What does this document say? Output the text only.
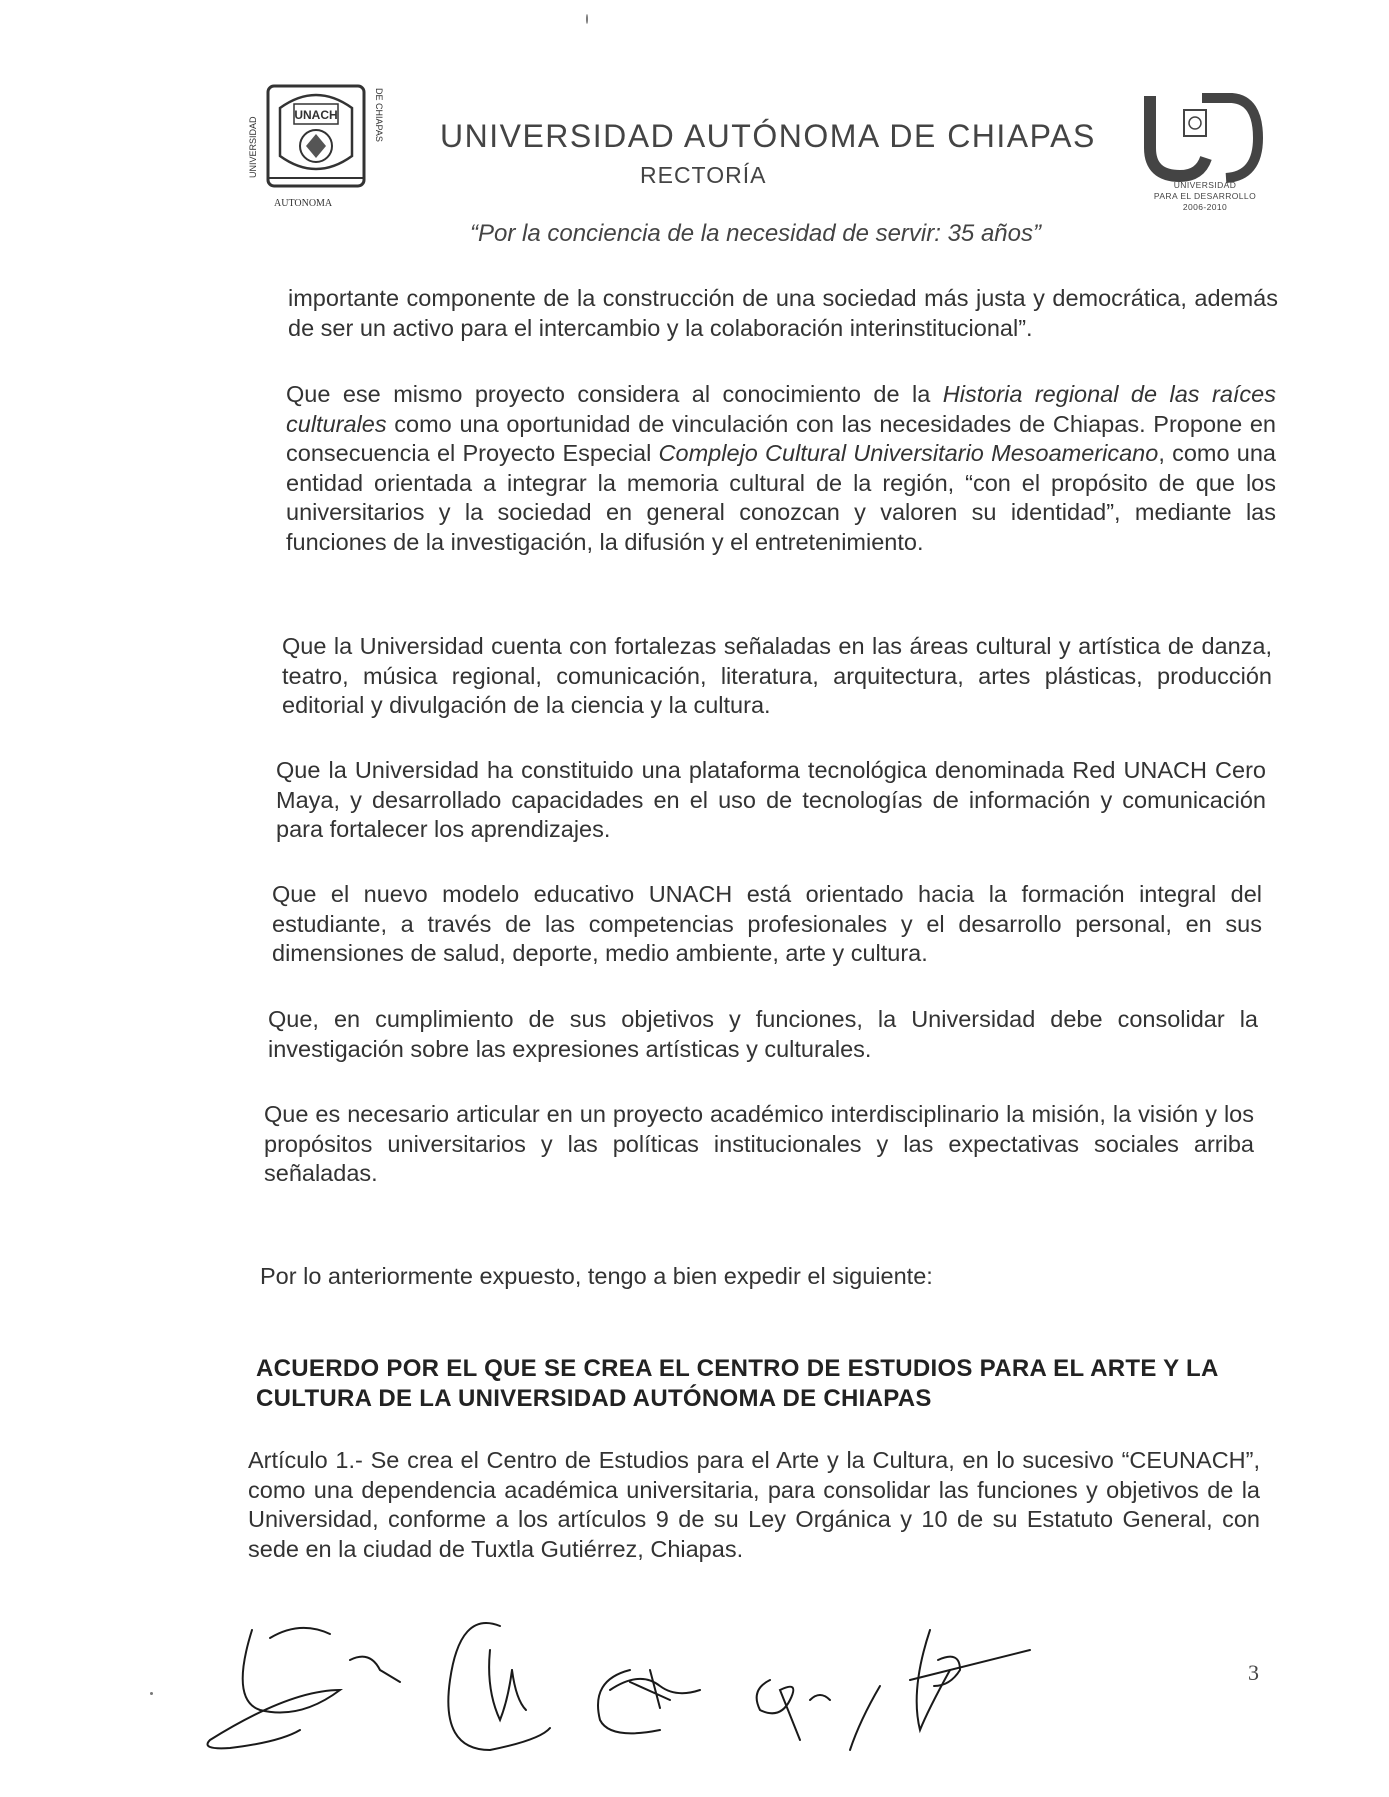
UNACH
UNIVERSIDAD
DE CHIAPAS
AUTONOMA
UNIVERSIDAD AUTÓNOMA DE CHIAPAS
RECTORÍA
“Por la conciencia de la necesidad de servir: 35 años”
UNIVERSIDAD
PARA EL DESARROLLO
2006-2010

importante componente de la construcción de una sociedad más justa y democrática, además de ser un activo para el intercambio y la colaboración interinstitucional”.

Que ese mismo proyecto considera al conocimiento de la Historia regional de las raíces culturales como una oportunidad de vinculación con las necesidades de Chiapas. Propone en consecuencia el Proyecto Especial Complejo Cultural Universitario Mesoamericano, como una entidad orientada a integrar la memoria cultural de la región, “con el propósito de que los universitarios y la sociedad en general conozcan y valoren su identidad”, mediante las funciones de la investigación, la difusión y el entretenimiento.

Que la Universidad cuenta con fortalezas señaladas en las áreas cultural y artística de danza, teatro, música regional, comunicación, literatura, arquitectura, artes plásticas, producción editorial y divulgación de la ciencia y la cultura.

Que la Universidad ha constituido una plataforma tecnológica denominada Red UNACH Cero Maya, y desarrollado capacidades en el uso de tecnologías de información y comunicación para fortalecer los aprendizajes.

Que el nuevo modelo educativo UNACH está orientado hacia la formación integral del estudiante, a través de las competencias profesionales y el desarrollo personal, en sus dimensiones de salud, deporte, medio ambiente, arte y cultura.

Que, en cumplimiento de sus objetivos y funciones, la Universidad debe consolidar la investigación sobre las expresiones artísticas y culturales.

Que es necesario articular en un proyecto académico interdisciplinario la misión, la visión y los propósitos universitarios y las políticas institucionales y las expectativas sociales arriba señaladas.

Por lo anteriormente expuesto, tengo a bien expedir el siguiente:

ACUERDO POR EL QUE SE CREA EL CENTRO DE ESTUDIOS PARA EL ARTE Y LA CULTURA DE LA UNIVERSIDAD AUTÓNOMA DE CHIAPAS

Artículo 1.- Se crea el Centro de Estudios para el Arte y la Cultura, en lo sucesivo “CEUNACH”, como una dependencia académica universitaria, para consolidar las funciones y objetivos de la Universidad, conforme a los artículos 9 de su Ley Orgánica y 10 de su Estatuto General, con sede en la ciudad de Tuxtla Gutiérrez, Chiapas.

3
